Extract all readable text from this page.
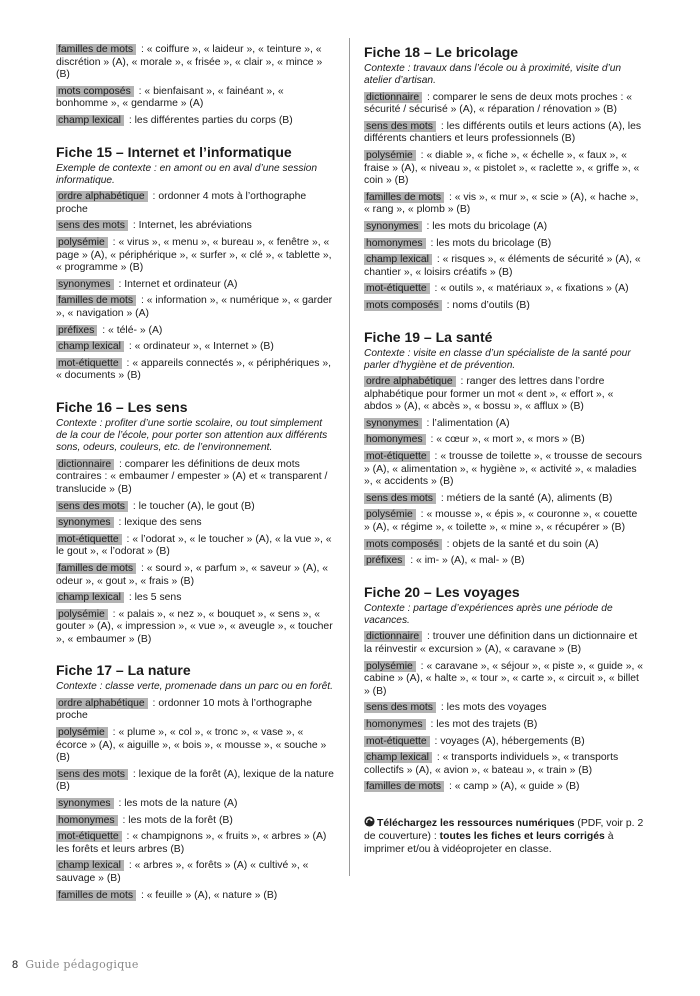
familles de mots : « coiffure », « laideur », « teinture », « discrétion » (A), « morale », « frisée », « clair », « mince » (B)
mots composés : « bienfaisant », « fainéant », « bonhomme », « gendarme » (A)
champ lexical : les différentes parties du corps (B)
Fiche 15 – Internet et l’informatique
Exemple de contexte : en amont ou en aval d’une session informatique.
ordre alphabétique : ordonner 4 mots à l’orthographe proche
sens des mots : Internet, les abréviations
polysémie : « virus », « menu », « bureau », « fenêtre », « page » (A), « périphérique », « surfer », « clé », « tablette », « programme » (B)
synonymes : Internet et ordinateur (A)
familles de mots : « information », « numérique », « garder », « navigation » (A)
préfixes : « télé- » (A)
champ lexical : « ordinateur », « Internet » (B)
mot-étiquette : « appareils connectés », « périphériques », « documents » (B)
Fiche 16 – Les sens
Contexte : profiter d’une sortie scolaire, ou tout simplement de la cour de l’école, pour porter son attention aux différents sons, odeurs, couleurs, etc. de l’environnement.
dictionnaire : comparer les définitions de deux mots contraires : « embaumer / empester » (A) et « transparent / translucide » (B)
sens des mots : le toucher (A), le gout (B)
synonymes : lexique des sens
mot-étiquette : « l’odorat », « le toucher » (A), « la vue », « le gout », « l’odorat » (B)
familles de mots : « sourd », « parfum », « saveur » (A), « odeur », « gout », « frais » (B)
champ lexical : les 5 sens
polysémie : « palais », « nez », « bouquet », « sens », « gouter » (A), « impression », « vue », « aveugle », « toucher », « embaumer » (B)
Fiche 17 – La nature
Contexte : classe verte, promenade dans un parc ou en forêt.
ordre alphabétique : ordonner 10 mots à l’orthographe proche
polysémie : « plume », « col », « tronc », « vase », « écorce » (A), « aiguille », « bois », « mousse », « souche » (B)
sens des mots : lexique de la forêt (A), lexique de la nature (B)
synonymes : les mots de la nature (A)
homonymes : les mots de la forêt (B)
mot-étiquette : « champignons », « fruits », « arbres » (A) les forêts et leurs arbres (B)
champ lexical : « arbres », « forêts » (A) « cultivé », « sauvage » (B)
familles de mots : « feuille » (A), « nature » (B)
Fiche 18 – Le bricolage
Contexte : travaux dans l’école ou à proximité, visite d’un atelier d’artisan.
dictionnaire : comparer le sens de deux mots proches : « sécurité / sécurisé » (A), « réparation / rénovation » (B)
sens des mots : les différents outils et leurs actions (A), les différents chantiers et leurs professionnels (B)
polysémie : « diable », « fiche », « échelle », « faux », « fraise » (A), « niveau », « pistolet », « raclette », « griffe », « coin » (B)
familles de mots : « vis », « mur », « scie » (A), « hache », « rang », « plomb » (B)
synonymes : les mots du bricolage (A)
homonymes : les mots du bricolage (B)
champ lexical : « risques », « éléments de sécurité » (A), « chantier », « loisirs créatifs » (B)
mot-étiquette : « outils », « matériaux », « fixations » (A)
mots composés : noms d’outils (B)
Fiche 19 – La santé
Contexte : visite en classe d’un spécialiste de la santé pour parler d’hygiène et de prévention.
ordre alphabétique : ranger des lettres dans l’ordre alphabétique pour former un mot « dent », « effort », « abdos » (A), « abcès », « bossu », « afflux » (B)
synonymes : l’alimentation (A)
homonymes : « cœur », « mort », « mors » (B)
mot-étiquette : « trousse de toilette », « trousse de secours » (A), « alimentation », « hygiène », « activité », « maladies », « accidents » (B)
sens des mots : métiers de la santé (A), aliments (B)
polysémie : « mousse », « épis », « couronne », « couette » (A), « régime », « toilette », « mine », « récupérer » (B)
mots composés : objets de la santé et du soin (A)
préfixes : « im- » (A), « mal- » (B)
Fiche 20 – Les voyages
Contexte : partage d’expériences après une période de vacances.
dictionnaire : trouver une définition dans un dictionnaire et la réinvestir « excursion » (A), « caravane » (B)
polysémie : « caravane », « séjour », « piste », « guide », « cabine » (A), « halte », « tour », « carte », « circuit », « billet » (B)
sens des mots : les mots des voyages
homonymes : les mot des trajets (B)
mot-étiquette : voyages (A), hébergements (B)
champ lexical : « transports individuels », « transports collectifs » (A), « avion », « bateau », « train » (B)
familles de mots : « camp » (A), « guide » (B)
Téléchargez les ressources numériques (PDF, voir p. 2 de couverture) : toutes les fiches et leurs corrigés à imprimer et/ou à vidéoprojeter en classe.
8 Guide pédagogique
